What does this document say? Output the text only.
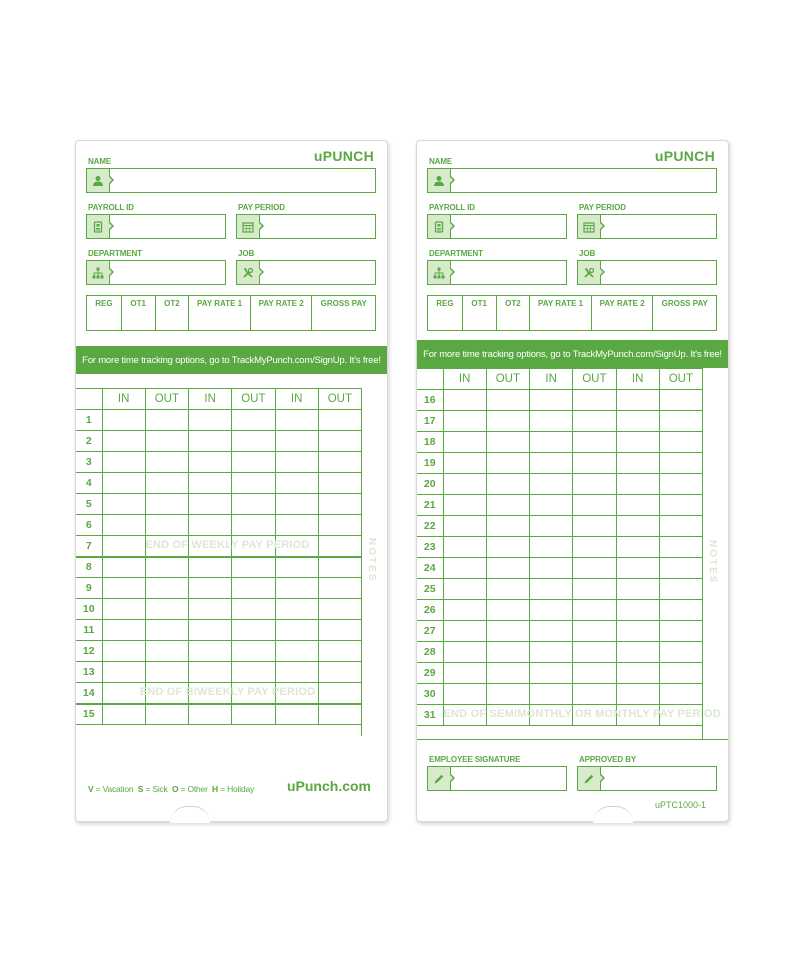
uPUNCH
NAME
PAYROLL ID	PAY PERIOD
DEPARTMENT	JOB
REG	OT1	OT2	PAY RATE 1	PAY RATE 2	GROSS PAY
For more time tracking options, go to TrackMyPunch.com/SignUp. It's free!
	IN	OUT	IN	OUT	IN	OUT
1						
2						
3						
4						
5						
6						
7	END OF WEEKLY PAY PERIOD					

8						
9						
10						
11						
12						
13						
14	END OF BIWEEKLY PAY PERIOD					

15						
NOTES
V = Vacation S = Sick O = Other H = Holiday uPunch.com
uPUNCH
NAME
PAYROLL ID	PAY PERIOD
DEPARTMENT	JOB
REG	OT1	OT2	PAY RATE 1	PAY RATE 2	GROSS PAY
For more time tracking options, go to TrackMyPunch.com/SignUp. It's free!
	IN	OUT	IN	OUT	IN	OUT
16						
17						
18						
19						
20						
21						
22						
23						
24						
25						
26						
27						
28						
29						
30						
31	END OF SEMIMONTHLY OR MONTHLY PAY PERIOD					

NOTES
EMPLOYEE SIGNATURE	APPROVED BY
uPTC1000-1
